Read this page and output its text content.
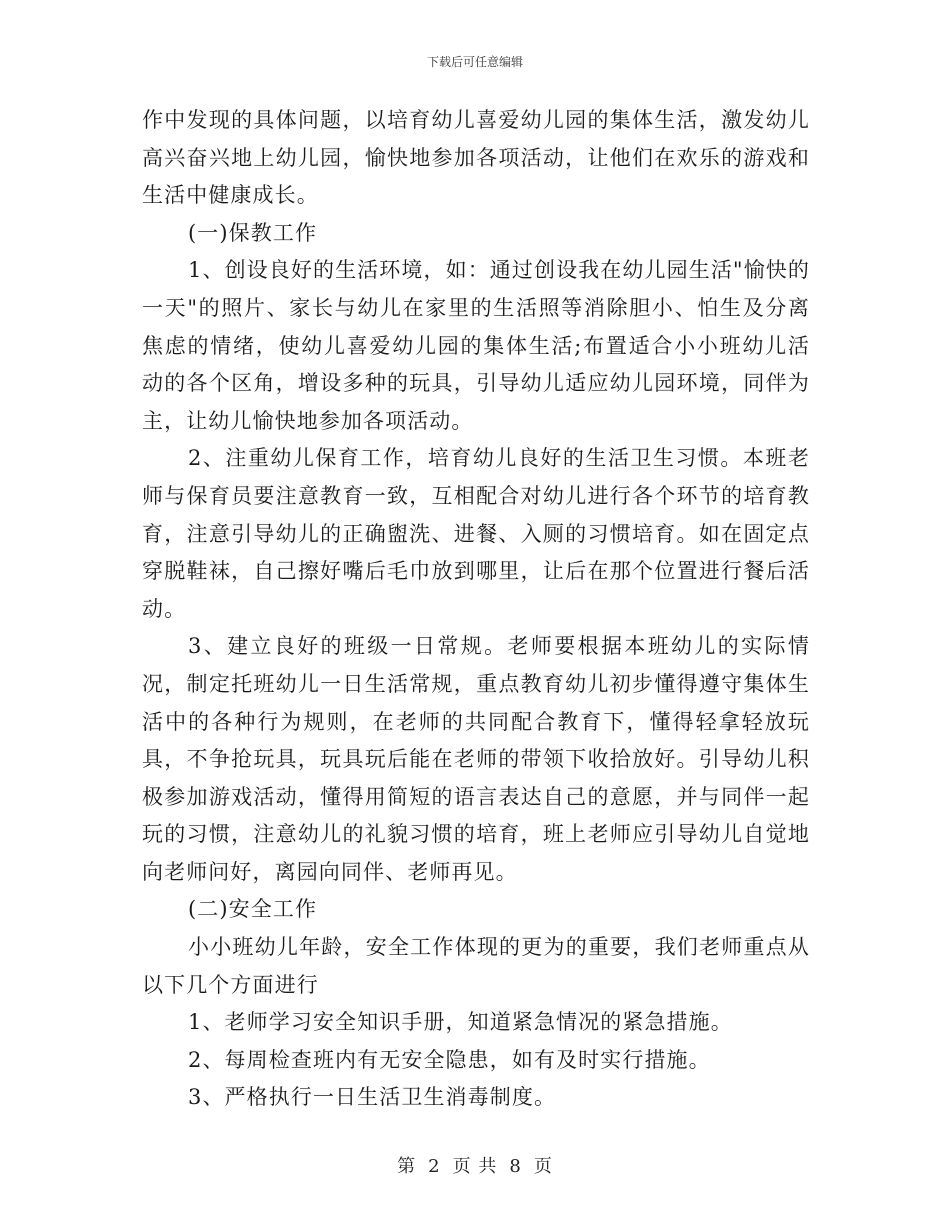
下载后可任意编辑

作中发现的具体问题，以培育幼儿喜爱幼儿园的集体生活，激发幼儿高兴奋兴地上幼儿园，愉快地参加各项活动，让他们在欢乐的游戏和生活中健康成长。

(一)保教工作

1、创设良好的生活环境，如：通过创设我在幼儿园生活"愉快的一天"的照片、家长与幼儿在家里的生活照等消除胆小、怕生及分离焦虑的情绪，使幼儿喜爱幼儿园的集体生活;布置适合小小班幼儿活动的各个区角，增设多种的玩具，引导幼儿适应幼儿园环境，同伴为主，让幼儿愉快地参加各项活动。

2、注重幼儿保育工作，培育幼儿良好的生活卫生习惯。本班老师与保育员要注意教育一致，互相配合对幼儿进行各个环节的培育教育，注意引导幼儿的正确盥洗、进餐、入厕的习惯培育。如在固定点穿脱鞋袜，自己擦好嘴后毛巾放到哪里，让后在那个位置进行餐后活动。

3、建立良好的班级一日常规。老师要根据本班幼儿的实际情况，制定托班幼儿一日生活常规，重点教育幼儿初步懂得遵守集体生活中的各种行为规则，在老师的共同配合教育下，懂得轻拿轻放玩具，不争抢玩具，玩具玩后能在老师的带领下收拾放好。引导幼儿积极参加游戏活动，懂得用简短的语言表达自己的意愿，并与同伴一起玩的习惯，注意幼儿的礼貌习惯的培育，班上老师应引导幼儿自觉地向老师问好，离园向同伴、老师再见。

(二)安全工作

小小班幼儿年龄，安全工作体现的更为的重要，我们老师重点从以下几个方面进行

1、老师学习安全知识手册，知道紧急情况的紧急措施。

2、每周检查班内有无安全隐患，如有及时实行措施。

3、严格执行一日生活卫生消毒制度。

第 2 页 共 8 页
